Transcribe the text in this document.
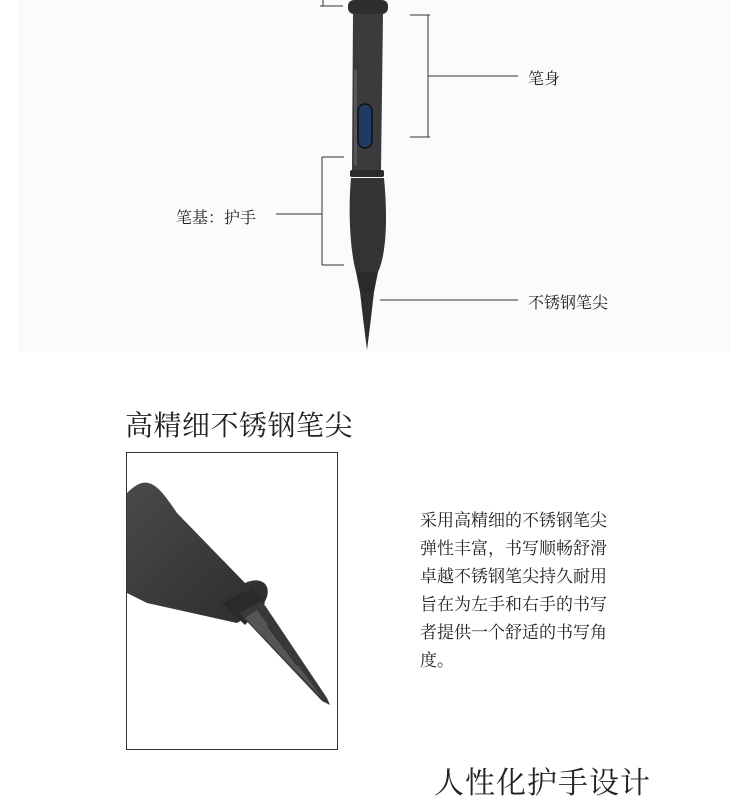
笔身
笔基：护手
不锈钢笔尖
高精细不锈钢笔尖

采用高精细的不锈钢笔尖

弹性丰富，书写顺畅舒滑

卓越不锈钢笔尖持久耐用

旨在为左手和右手的书写

者提供一个舒适的书写角

度。

人性化护手设计
